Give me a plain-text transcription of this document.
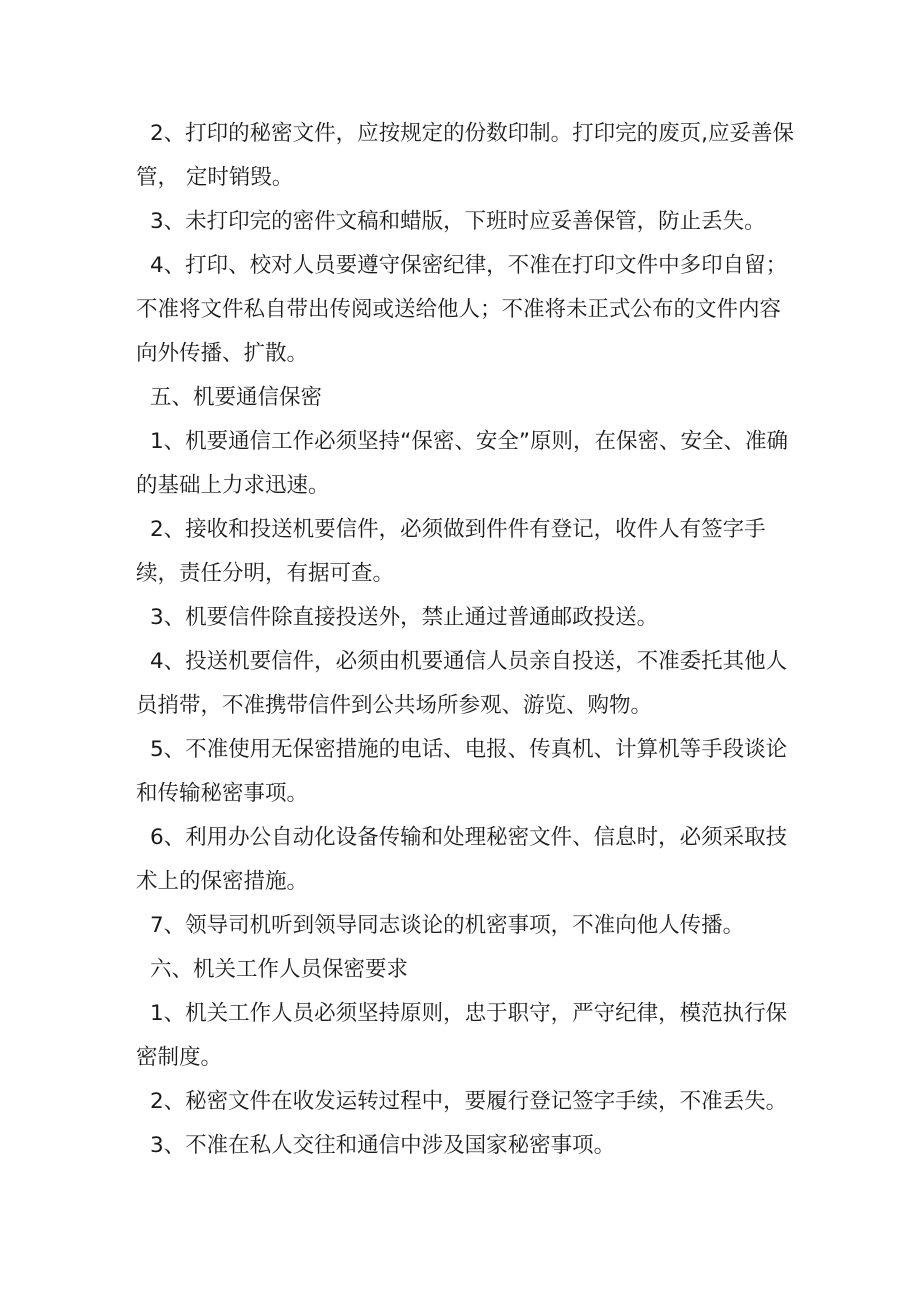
2、打印的秘密文件，应按规定的份数印制。打印完的废页,应妥善保管， 定时销毁。

3、未打印完的密件文稿和蜡版，下班时应妥善保管，防止丢失。

4、打印、校对人员要遵守保密纪律，不准在打印文件中多印自留；不准将文件私自带出传阅或送给他人；不准将未正式公布的文件内容向外传播、扩散。

五、机要通信保密

1、机要通信工作必须坚持“保密、安全”原则，在保密、安全、准确的基础上力求迅速。

2、接收和投送机要信件，必须做到件件有登记，收件人有签字手续，责任分明，有据可查。

3、机要信件除直接投送外，禁止通过普通邮政投送。

4、投送机要信件，必须由机要通信人员亲自投送，不准委托其他人员捎带，不准携带信件到公共场所参观、游览、购物。

5、不准使用无保密措施的电话、电报、传真机、计算机等手段谈论和传输秘密事项。

6、利用办公自动化设备传输和处理秘密文件、信息时，必须采取技术上的保密措施。

7、领导司机听到领导同志谈论的机密事项，不准向他人传播。

六、机关工作人员保密要求

1、机关工作人员必须坚持原则，忠于职守，严守纪律，模范执行保密制度。

2、秘密文件在收发运转过程中，要履行登记签字手续，不准丢失。

3、不准在私人交往和通信中涉及国家秘密事项。
